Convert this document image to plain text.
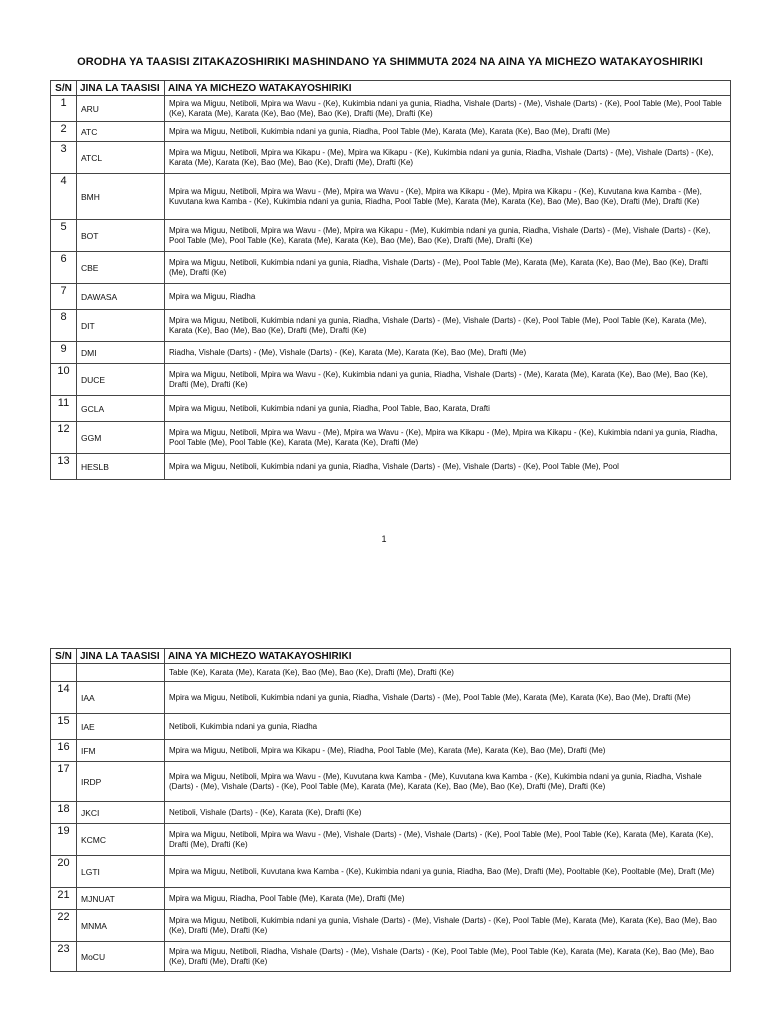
ORODHA YA TAASISI ZITAKAZOSHIRIKI MASHINDANO YA SHIMMUTA 2024 NA AINA YA MICHEZO WATAKAYOSHIRIKI
S/N	JINA LA TAASISI	AINA YA MICHEZO WATAKAYOSHIRIKI
1	ARU	Mpira wa Miguu, Netiboli, Mpira wa Wavu - (Ke), Kukimbia ndani ya gunia, Riadha, Vishale (Darts) - (Me), Vishale (Darts) - (Ke), Pool Table (Me), Pool Table (Ke), Karata (Me), Karata (Ke), Bao (Me), Bao (Ke), Drafti (Me), Drafti (Ke)
2	ATC	Mpira wa Miguu, Netiboli, Kukimbia ndani ya gunia, Riadha, Pool Table (Me), Karata (Me), Karata (Ke), Bao (Me), Drafti (Me)
3	ATCL	Mpira wa Miguu, Netiboli, Mpira wa Kikapu - (Me), Mpira wa Kikapu - (Ke), Kukimbia ndani ya gunia, Riadha, Vishale (Darts) - (Me), Vishale (Darts) - (Ke), Karata (Me), Karata (Ke), Bao (Me), Bao (Ke), Drafti (Me), Drafti (Ke)
4	BMH	Mpira wa Miguu, Netiboli, Mpira wa Wavu - (Me), Mpira wa Wavu - (Ke), Mpira wa Kikapu - (Me), Mpira wa Kikapu - (Ke), Kuvutana kwa Kamba - (Me), Kuvutana kwa Kamba - (Ke), Kukimbia ndani ya gunia, Riadha, Pool Table (Me), Karata (Me), Karata (Ke), Bao (Me), Bao (Ke), Drafti (Me), Drafti (Ke)
5	BOT	Mpira wa Miguu, Netiboli, Mpira wa Wavu - (Me), Mpira wa Kikapu - (Me), Kukimbia ndani ya gunia, Riadha, Vishale (Darts) - (Me), Vishale (Darts) - (Ke), Pool Table (Me), Pool Table (Ke), Karata (Me), Karata (Ke), Bao (Me), Bao (Ke), Drafti (Me), Drafti (Ke)
6	CBE	Mpira wa Miguu, Netiboli, Kukimbia ndani ya gunia, Riadha, Vishale (Darts) - (Me), Pool Table (Me), Karata (Me), Karata (Ke), Bao (Me), Bao (Ke), Drafti (Me), Drafti (Ke)
7	DAWASA	Mpira wa Miguu, Riadha
8	DIT	Mpira wa Miguu, Netiboli, Kukimbia ndani ya gunia, Riadha, Vishale (Darts) - (Me), Vishale (Darts) - (Ke), Pool Table (Me), Pool Table (Ke), Karata (Me), Karata (Ke), Bao (Me), Bao (Ke), Drafti (Me), Drafti (Ke)
9	DMI	Riadha, Vishale (Darts) - (Me), Vishale (Darts) - (Ke), Karata (Me), Karata (Ke), Bao (Me), Drafti (Me)
10	DUCE	Mpira wa Miguu, Netiboli, Mpira wa Wavu - (Ke), Kukimbia ndani ya gunia, Riadha, Vishale (Darts) - (Me), Karata (Me), Karata (Ke), Bao (Me), Bao (Ke), Drafti (Me), Drafti (Ke)
11	GCLA	Mpira wa Miguu, Netiboli, Kukimbia ndani ya gunia, Riadha, Pool Table, Bao, Karata, Drafti
12	GGM	Mpira wa Miguu, Netiboli, Mpira wa Wavu - (Me), Mpira wa Wavu - (Ke), Mpira wa Kikapu - (Me), Mpira wa Kikapu - (Ke), Kukimbia ndani ya gunia, Riadha, Pool Table (Me), Pool Table (Ke), Karata (Me), Karata (Ke), Drafti (Me)
13	HESLB	Mpira wa Miguu, Netiboli, Kukimbia ndani ya gunia, Riadha, Vishale (Darts) - (Me), Vishale (Darts) - (Ke), Pool Table (Me), Pool
1
S/N	JINA LA TAASISI	AINA YA MICHEZO WATAKAYOSHIRIKI
		Table (Ke), Karata (Me), Karata (Ke), Bao (Me), Bao (Ke), Drafti (Me), Drafti (Ke)
14	IAA	Mpira wa Miguu, Netiboli, Kukimbia ndani ya gunia, Riadha, Vishale (Darts) - (Me), Pool Table (Me), Karata (Me), Karata (Ke), Bao (Me), Drafti (Me)
15	IAE	Netiboli, Kukimbia ndani ya gunia, Riadha
16	IFM	Mpira wa Miguu, Netiboli, Mpira wa Kikapu - (Me), Riadha, Pool Table (Me), Karata (Me), Karata (Ke), Bao (Me), Drafti (Me)
17	IRDP	Mpira wa Miguu, Netiboli, Mpira wa Wavu - (Me), Kuvutana kwa Kamba - (Me), Kuvutana kwa Kamba - (Ke), Kukimbia ndani ya gunia, Riadha, Vishale (Darts) - (Me), Vishale (Darts) - (Ke), Pool Table (Me), Karata (Me), Karata (Ke), Bao (Me), Bao (Ke), Drafti (Me), Drafti (Ke)
18	JKCI	Netiboli, Vishale (Darts) - (Ke), Karata (Ke), Drafti (Ke)
19	KCMC	Mpira wa Miguu, Netiboli, Mpira wa Wavu - (Me), Vishale (Darts) - (Me), Vishale (Darts) - (Ke), Pool Table (Me), Pool Table (Ke), Karata (Me), Karata (Ke), Drafti (Me), Drafti (Ke)
20	LGTI	Mpira wa Miguu, Netiboli, Kuvutana kwa Kamba - (Ke), Kukimbia ndani ya gunia, Riadha, Bao (Me), Drafti (Me), Pooltable (Ke), Pooltable (Me), Draft (Me)
21	MJNUAT	Mpira wa Miguu, Riadha, Pool Table (Me), Karata (Me), Drafti (Me)
22	MNMA	Mpira wa Miguu, Netiboli, Kukimbia ndani ya gunia, Vishale (Darts) - (Me), Vishale (Darts) - (Ke), Pool Table (Me), Karata (Me), Karata (Ke), Bao (Me), Bao (Ke), Drafti (Me), Drafti (Ke)
23	MoCU	Mpira wa Miguu, Netiboli, Riadha, Vishale (Darts) - (Me), Vishale (Darts) - (Ke), Pool Table (Me), Pool Table (Ke), Karata (Me), Karata (Ke), Bao (Me), Bao (Ke), Drafti (Me), Drafti (Ke)
